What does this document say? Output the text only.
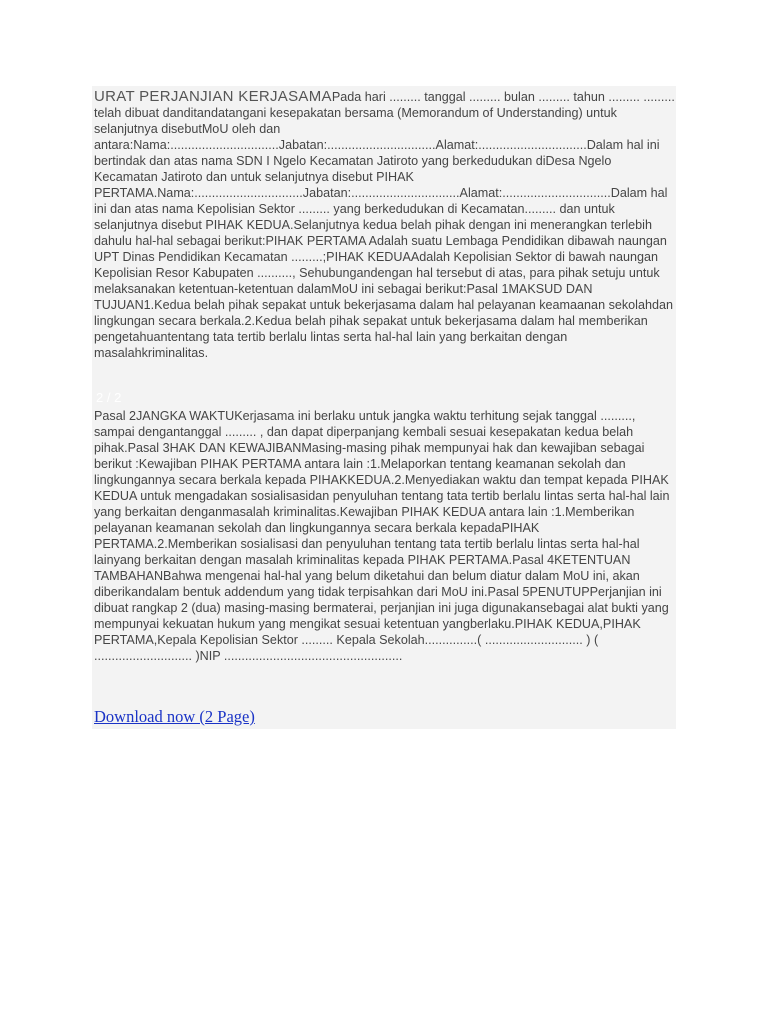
URAT PERJANJIAN KERJASAMAPada hari ......... tanggal ......... bulan ......... tahun ......... ......... telah dibuat danditandatangani kesepakatan bersama (Memorandum of Understanding) untuk selanjutnya disebutMoU oleh dan antara:Nama:...............................Jabatan:...............................Alamat:...............................Dalam hal ini bertindak dan atas nama SDN I Ngelo Kecamatan Jatiroto yang berkedudukan diDesa Ngelo Kecamatan Jatiroto dan untuk selanjutnya disebut PIHAK PERTAMA.Nama:...............................Jabatan:...............................Alamat:...............................Dalam hal ini dan atas nama Kepolisian Sektor ......... yang berkedudukan di Kecamatan......... dan untuk selanjutnya disebut PIHAK KEDUA.Selanjutnya kedua belah pihak dengan ini menerangkan terlebih dahulu hal-hal sebagai berikut:PIHAK PERTAMA Adalah suatu Lembaga Pendidikan dibawah naungan UPT Dinas Pendidikan Kecamatan .........;PIHAK KEDUAAdalah Kepolisian Sektor di bawah naungan Kepolisian Resor Kabupaten .........., Sehubungandengan hal tersebut di atas, para pihak setuju untuk melaksanakan ketentuan-ketentuan dalamMoU ini sebagai berikut:Pasal 1MAKSUD DAN TUJUAN1.Kedua belah pihak sepakat untuk bekerjasama dalam hal pelayanan keamaanan sekolahdan lingkungan secara berkala.2.Kedua belah pihak sepakat untuk bekerjasama dalam hal memberikan pengetahuantentang tata tertib berlalu lintas serta hal-hal lain yang berkaitan dengan masalahkriminalitas.

2 / 2

Pasal 2JANGKA WAKTUKerjasama ini berlaku untuk jangka waktu terhitung sejak tanggal ........., sampai dengantanggal ......... , dan dapat diperpanjang kembali sesuai kesepakatan kedua belah pihak.Pasal 3HAK DAN KEWAJIBANMasing-masing pihak mempunyai hak dan kewajiban sebagai berikut :Kewajiban PIHAK PERTAMA antara lain :1.Melaporkan tentang keamanan sekolah dan lingkungannya secara berkala kepada PIHAKKEDUA.2.Menyediakan waktu dan tempat kepada PIHAK KEDUA untuk mengadakan sosialisasidan penyuluhan tentang tata tertib berlalu lintas serta hal-hal lain yang berkaitan denganmasalah kriminalitas.Kewajiban PIHAK KEDUA antara lain :1.Memberikan pelayanan keamanan sekolah dan lingkungannya secara berkala kepadaPIHAK PERTAMA.2.Memberikan sosialisasi dan penyuluhan tentang tata tertib berlalu lintas serta hal-hal lainyang berkaitan dengan masalah kriminalitas kepada PIHAK PERTAMA.Pasal 4KETENTUAN TAMBAHANBahwa mengenai hal-hal yang belum diketahui dan belum diatur dalam MoU ini, akan diberikandalam bentuk addendum yang tidak terpisahkan dari MoU ini.Pasal 5PENUTUPPerjanjian ini dibuat rangkap 2 (dua) masing-masing bermaterai, perjanjian ini juga digunakansebagai alat bukti yang mempunyai kekuatan hukum yang mengikat sesuai ketentuan yangberlaku.PIHAK KEDUA,PIHAK PERTAMA,Kepala Kepolisian Sektor ......... Kepala Sekolah...............( ............................ ) ( ............................ )NIP ...................................................

Download now (2 Page)
